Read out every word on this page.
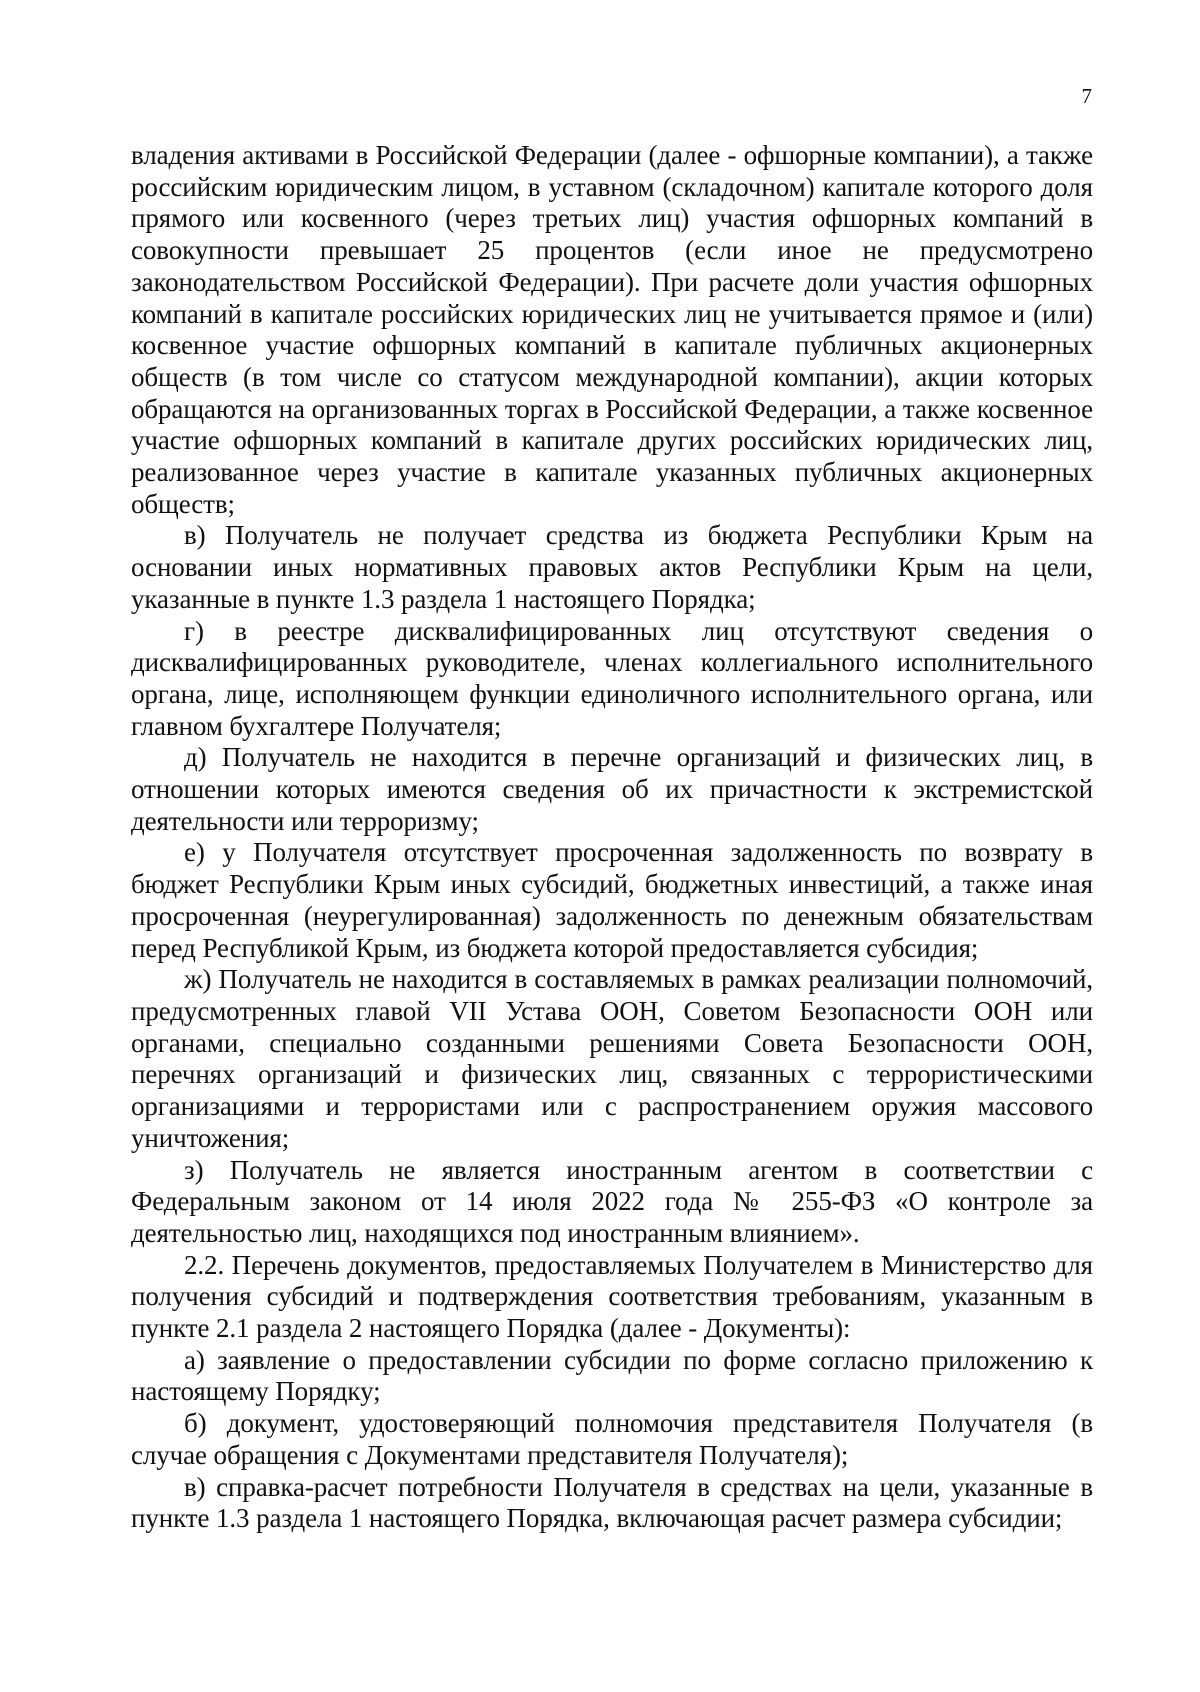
7

владения активами в Российской Федерации (далее - офшорные компании), а также российским юридическим лицом, в уставном (складочном) капитале которого доля прямого или косвенного (через третьих лиц) участия офшорных компаний в совокупности превышает 25 процентов (если иное не предусмотрено законодательством Российской Федерации). При расчете доли участия офшорных компаний в капитале российских юридических лиц не учитывается прямое и (или) косвенное участие офшорных компаний в капитале публичных акционерных обществ (в том числе со статусом международной компании), акции которых обращаются на организованных торгах в Российской Федерации, а также косвенное участие офшорных компаний в капитале других российских юридических лиц, реализованное через участие в капитале указанных публичных акционерных обществ;

в) Получатель не получает средства из бюджета Республики Крым на основании иных нормативных правовых актов Республики Крым на цели, указанные в пункте 1.3 раздела 1 настоящего Порядка;

г) в реестре дисквалифицированных лиц отсутствуют сведения о дисквалифицированных руководителе, членах коллегиального исполнительного органа, лице, исполняющем функции единоличного исполнительного органа, или главном бухгалтере Получателя;

д) Получатель не находится в перечне организаций и физических лиц, в отношении которых имеются сведения об их причастности к экстремистской деятельности или терроризму;

е) у Получателя отсутствует просроченная задолженность по возврату в бюджет Республики Крым иных субсидий, бюджетных инвестиций, а также иная просроченная (неурегулированная) задолженность по денежным обязательствам перед Республикой Крым, из бюджета которой предоставляется субсидия;

ж) Получатель не находится в составляемых в рамках реализации полномочий, предусмотренных главой VII Устава ООН, Советом Безопасности ООН или органами, специально созданными решениями Совета Безопасности ООН, перечнях организаций и физических лиц, связанных с террористическими организациями и террористами или с распространением оружия массового уничтожения;

з) Получатель не является иностранным агентом в соответствии с Федеральным законом от 14 июля 2022 года № 255-ФЗ «О контроле за деятельностью лиц, находящихся под иностранным влиянием».

2.2. Перечень документов, предоставляемых Получателем в Министерство для получения субсидий и подтверждения соответствия требованиям, указанным в пункте 2.1 раздела 2 настоящего Порядка (далее - Документы):

а) заявление о предоставлении субсидии по форме согласно приложению к настоящему Порядку;

б) документ, удостоверяющий полномочия представителя Получателя (в случае обращения с Документами представителя Получателя);

в) справка-расчет потребности Получателя в средствах на цели, указанные в пункте 1.3 раздела 1 настоящего Порядка, включающая расчет размера субсидии;
